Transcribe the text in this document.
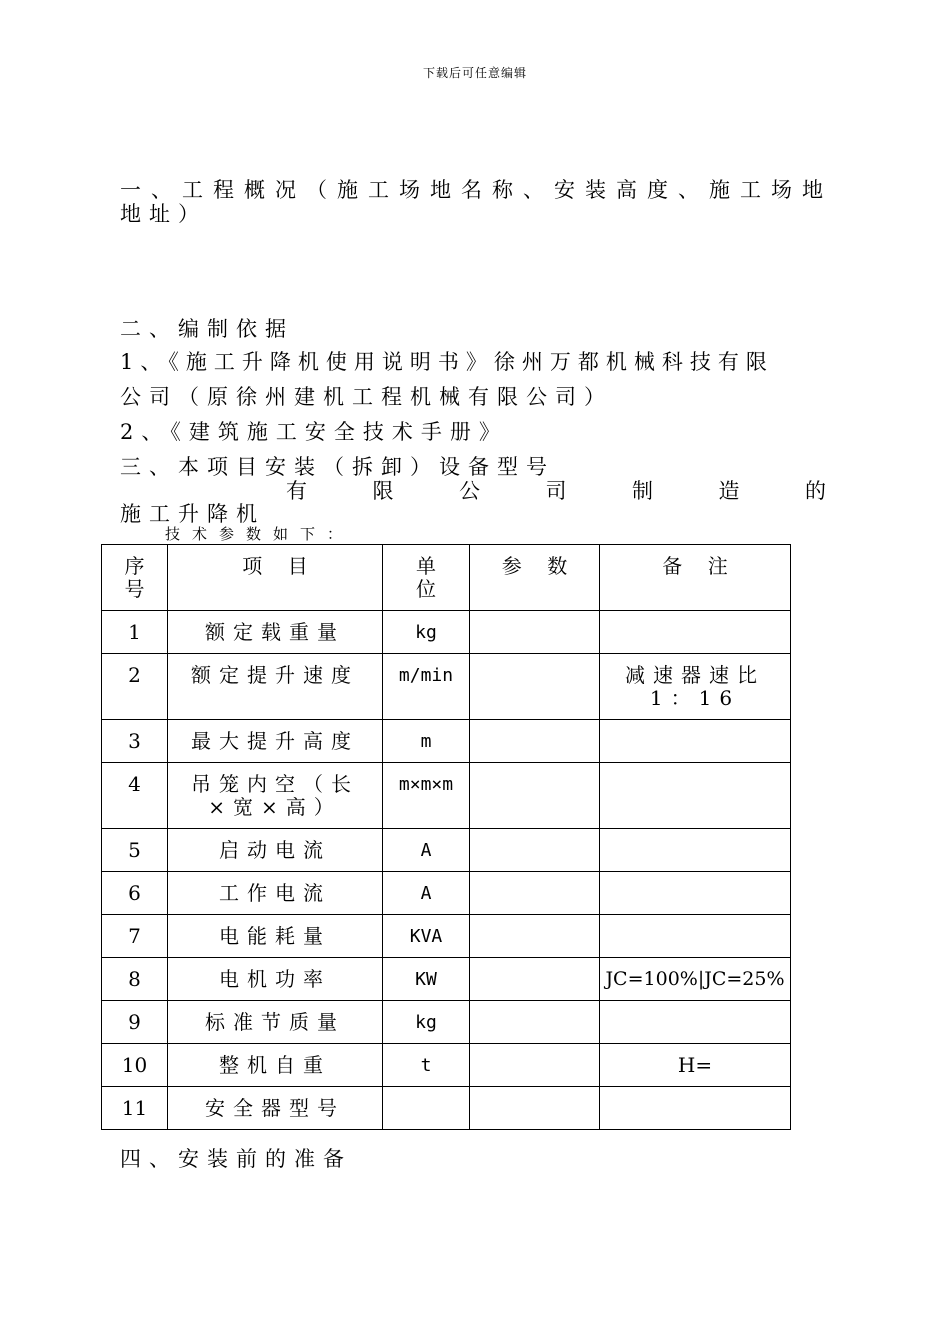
下载后可任意编辑
一、工程概况（施工场地名称、安装高度、施工场地
地址）
二、编制依据
1、《施工升降机使用说明书》徐州万都机械科技有限
公司（原徐州建机工程机械有限公司）
2、《建筑施工安全技术手册》
三、本项目安装（拆卸）设备型号
有	限	公	司	制	造	的
施工升降机
技术参数如下：
序号	项    目	单位	参    数	备    注

1	额定载重量	kg		

2	额定提升速度	m/min		减速器速比 1：16

3	最大提升高度	m		

4	吊笼内空（长×宽×高）	m×m×m		

5	启动电流	A		

6	工作电流	A		

7	电能耗量	KVA		

8	电机功率	KW		JC=100%|JC=25%

9	标准节质量	kg		

10	整机自重	t		H=

11	安全器型号			

四、安装前的准备
